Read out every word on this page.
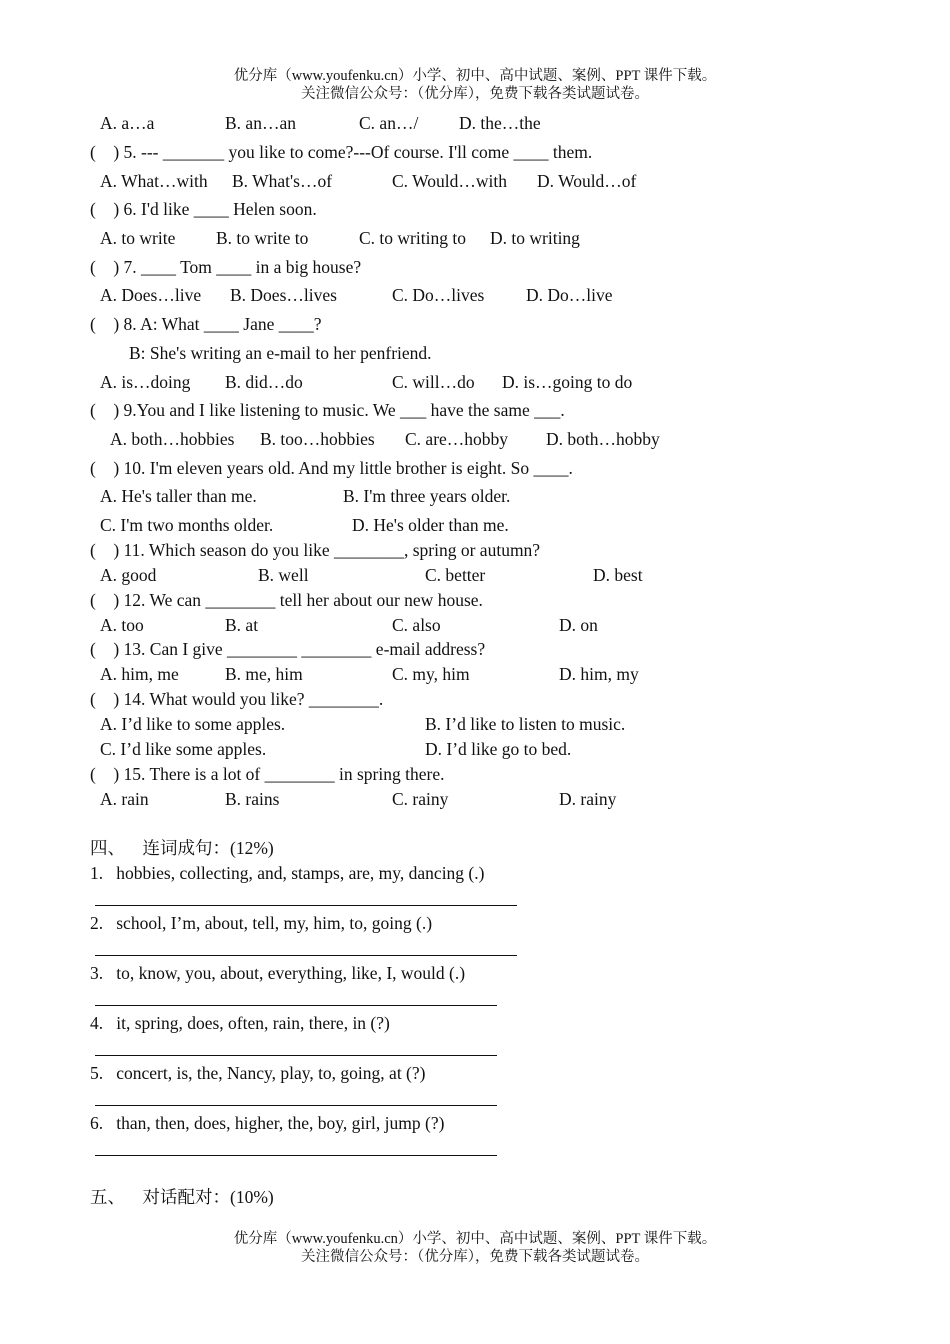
优分库（www.youfenku.cn）小学、初中、高中试题、案例、PPT 课件下载。
关注微信公众号：（优分库），免费下载各类试题试卷。
A. a…a	B. an…an	C. an…/ D. the…the
(    ) 5. --- _______ you like to come?---Of course. I'll come ____ them.
A. What…with B. What's…of	C. Would…with D. Would…of
(    ) 6. I'd like ____ Helen soon.
A. to write B. to write to	C. to writing to D. to writing
(    ) 7. ____ Tom ____ in a big house?
A. Does…live B. Does…lives	C. Do…lives D. Do…live
(    ) 8. A: What ____ Jane ____?
B: She's writing an e-mail to her penfriend.
A. is…doing B. did…do	C. will…do D. is…going to do
(    ) 9.You and I like listening to music. We ___ have the same ___.
A. both…hobbies B. too…hobbies C. are…hobby D. both…hobby
(    ) 10. I'm eleven years old. And my little brother is eight. So ____.
A. He's taller than me.	B. I'm three years older.
C. I'm two months older.	D. He's older than me.
(    ) 11. Which season do you like ________, spring or autumn?
A. good	B. well	C. better	D. best
(    ) 12. We can ________ tell her about our new house.
A. too	B. at	C. also	D. on
(    ) 13. Can I give ________ ________ e-mail address?
A. him, me	B. me, him	C. my, him	D. him, my
(    ) 14. What would you like? ________.
A. I’d like to some apples.	B. I’d like to listen to music.
C. I’d like some apples.	D. I’d like go to bed.
(    ) 15. There is a lot of ________ in spring there.
A. rain	B. rains	C. rainy	D. rainy
四、    连词成句：(12%)
1.   hobbies, collecting, and, stamps, are, my, dancing (.)
2.   school, I’m, about, tell, my, him, to, going (.)
3.   to, know, you, about, everything, like, I, would (.)
4.   it, spring, does, often, rain, there, in (?)
5.   concert, is, the, Nancy, play, to, going, at (?)
6.   than, then, does, higher, the, boy, girl, jump (?)
五、    对话配对：(10%)
优分库（www.youfenku.cn）小学、初中、高中试题、案例、PPT 课件下载。
关注微信公众号：（优分库），免费下载各类试题试卷。
